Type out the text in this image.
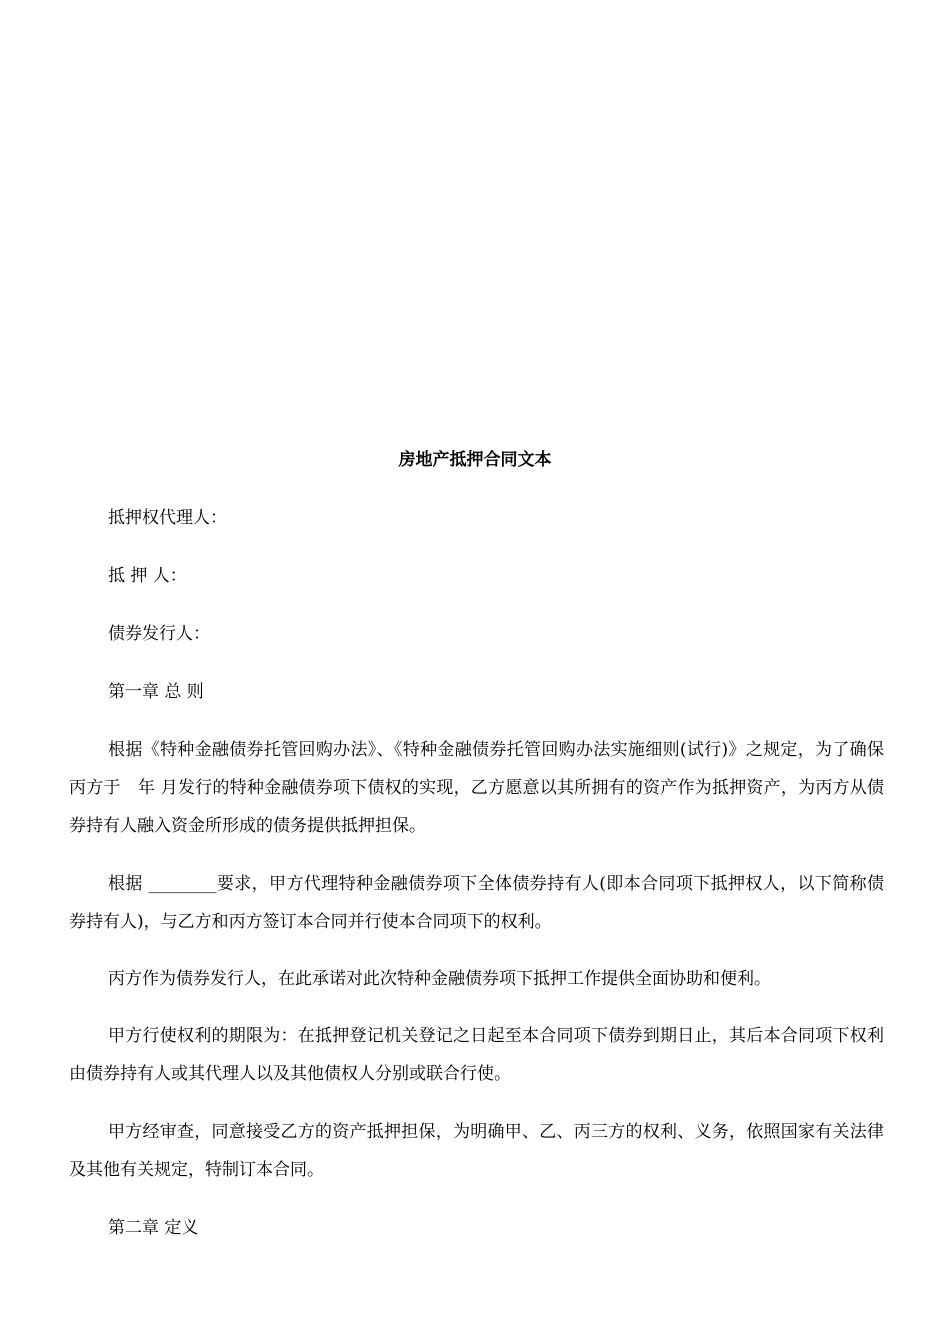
房地产抵押合同文本

抵押权代理人：

抵 押 人：

债券发行人：

第一章 总 则

根据《特种金融债券托管回购办法》、《特种金融债券托管回购办法实施细则(试行)》之规定，为了确保丙方于　年 月发行的特种金融债券项下债权的实现，乙方愿意以其所拥有的资产作为抵押资产，为丙方从债券持有人融入资金所形成的债务提供抵押担保。

根据 ________要求，甲方代理特种金融债券项下全体债券持有人(即本合同项下抵押权人，以下简称债券持有人)，与乙方和丙方签订本合同并行使本合同项下的权利。

丙方作为债券发行人，在此承诺对此次特种金融债券项下抵押工作提供全面协助和便利。

甲方行使权利的期限为：在抵押登记机关登记之日起至本合同项下债券到期日止，其后本合同项下权利由债券持有人或其代理人以及其他债权人分别或联合行使。

甲方经审查，同意接受乙方的资产抵押担保，为明确甲、乙、丙三方的权利、义务，依照国家有关法律及其他有关规定，特制订本合同。

第二章 定义
